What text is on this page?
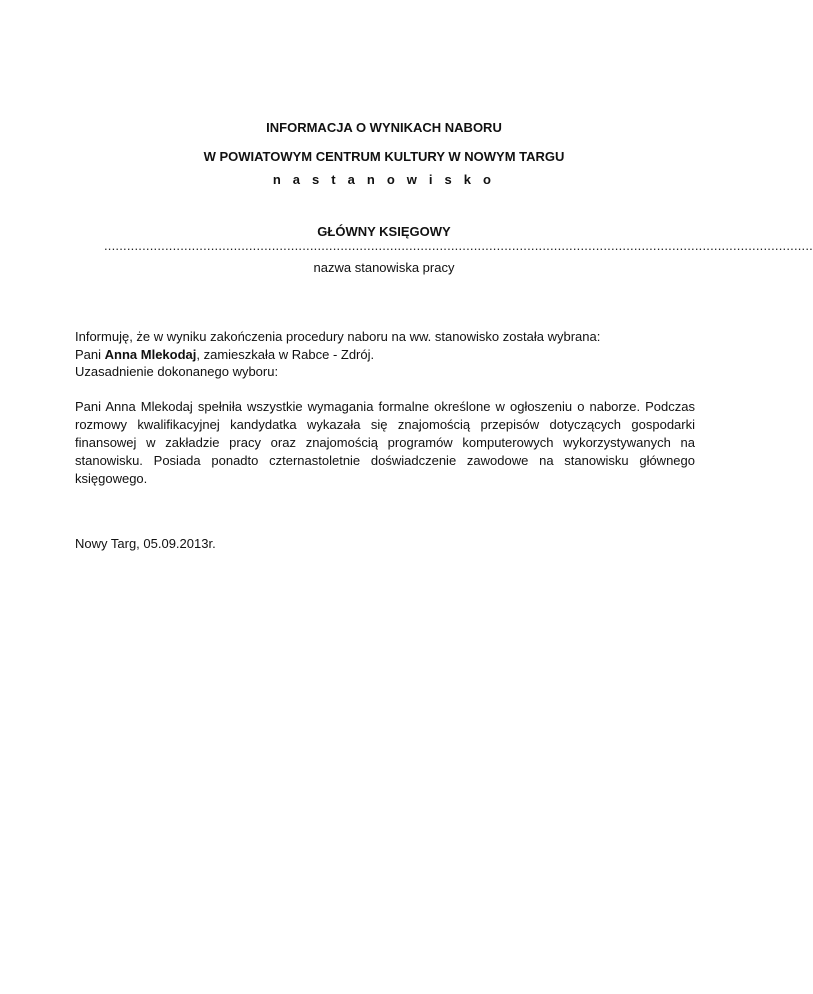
INFORMACJA O WYNIKACH NABORU
W POWIATOWYM CENTRUM KULTURY W NOWYM TARGU
n a s t a n o w i s k o
GŁÓWNY KSIĘGOWY
..........................................................................................................................................................................................
nazwa stanowiska pracy
Informuję, że w wyniku zakończenia procedury naboru na ww. stanowisko została wybrana:
Pani Anna Mlekodaj, zamieszkała w Rabce - Zdrój.
Uzasadnienie dokonanego wyboru:
Pani Anna Mlekodaj spełniła wszystkie wymagania formalne określone w ogłoszeniu o naborze. Podczas rozmowy kwalifikacyjnej kandydatka wykazała się znajomością przepisów dotyczących gospodarki finansowej w zakładzie pracy oraz znajomością programów komputerowych wykorzystywanych na stanowisku. Posiada ponadto czternastoletnie doświadczenie zawodowe na stanowisku głównego księgowego.
Nowy Targ, 05.09.2013r.
